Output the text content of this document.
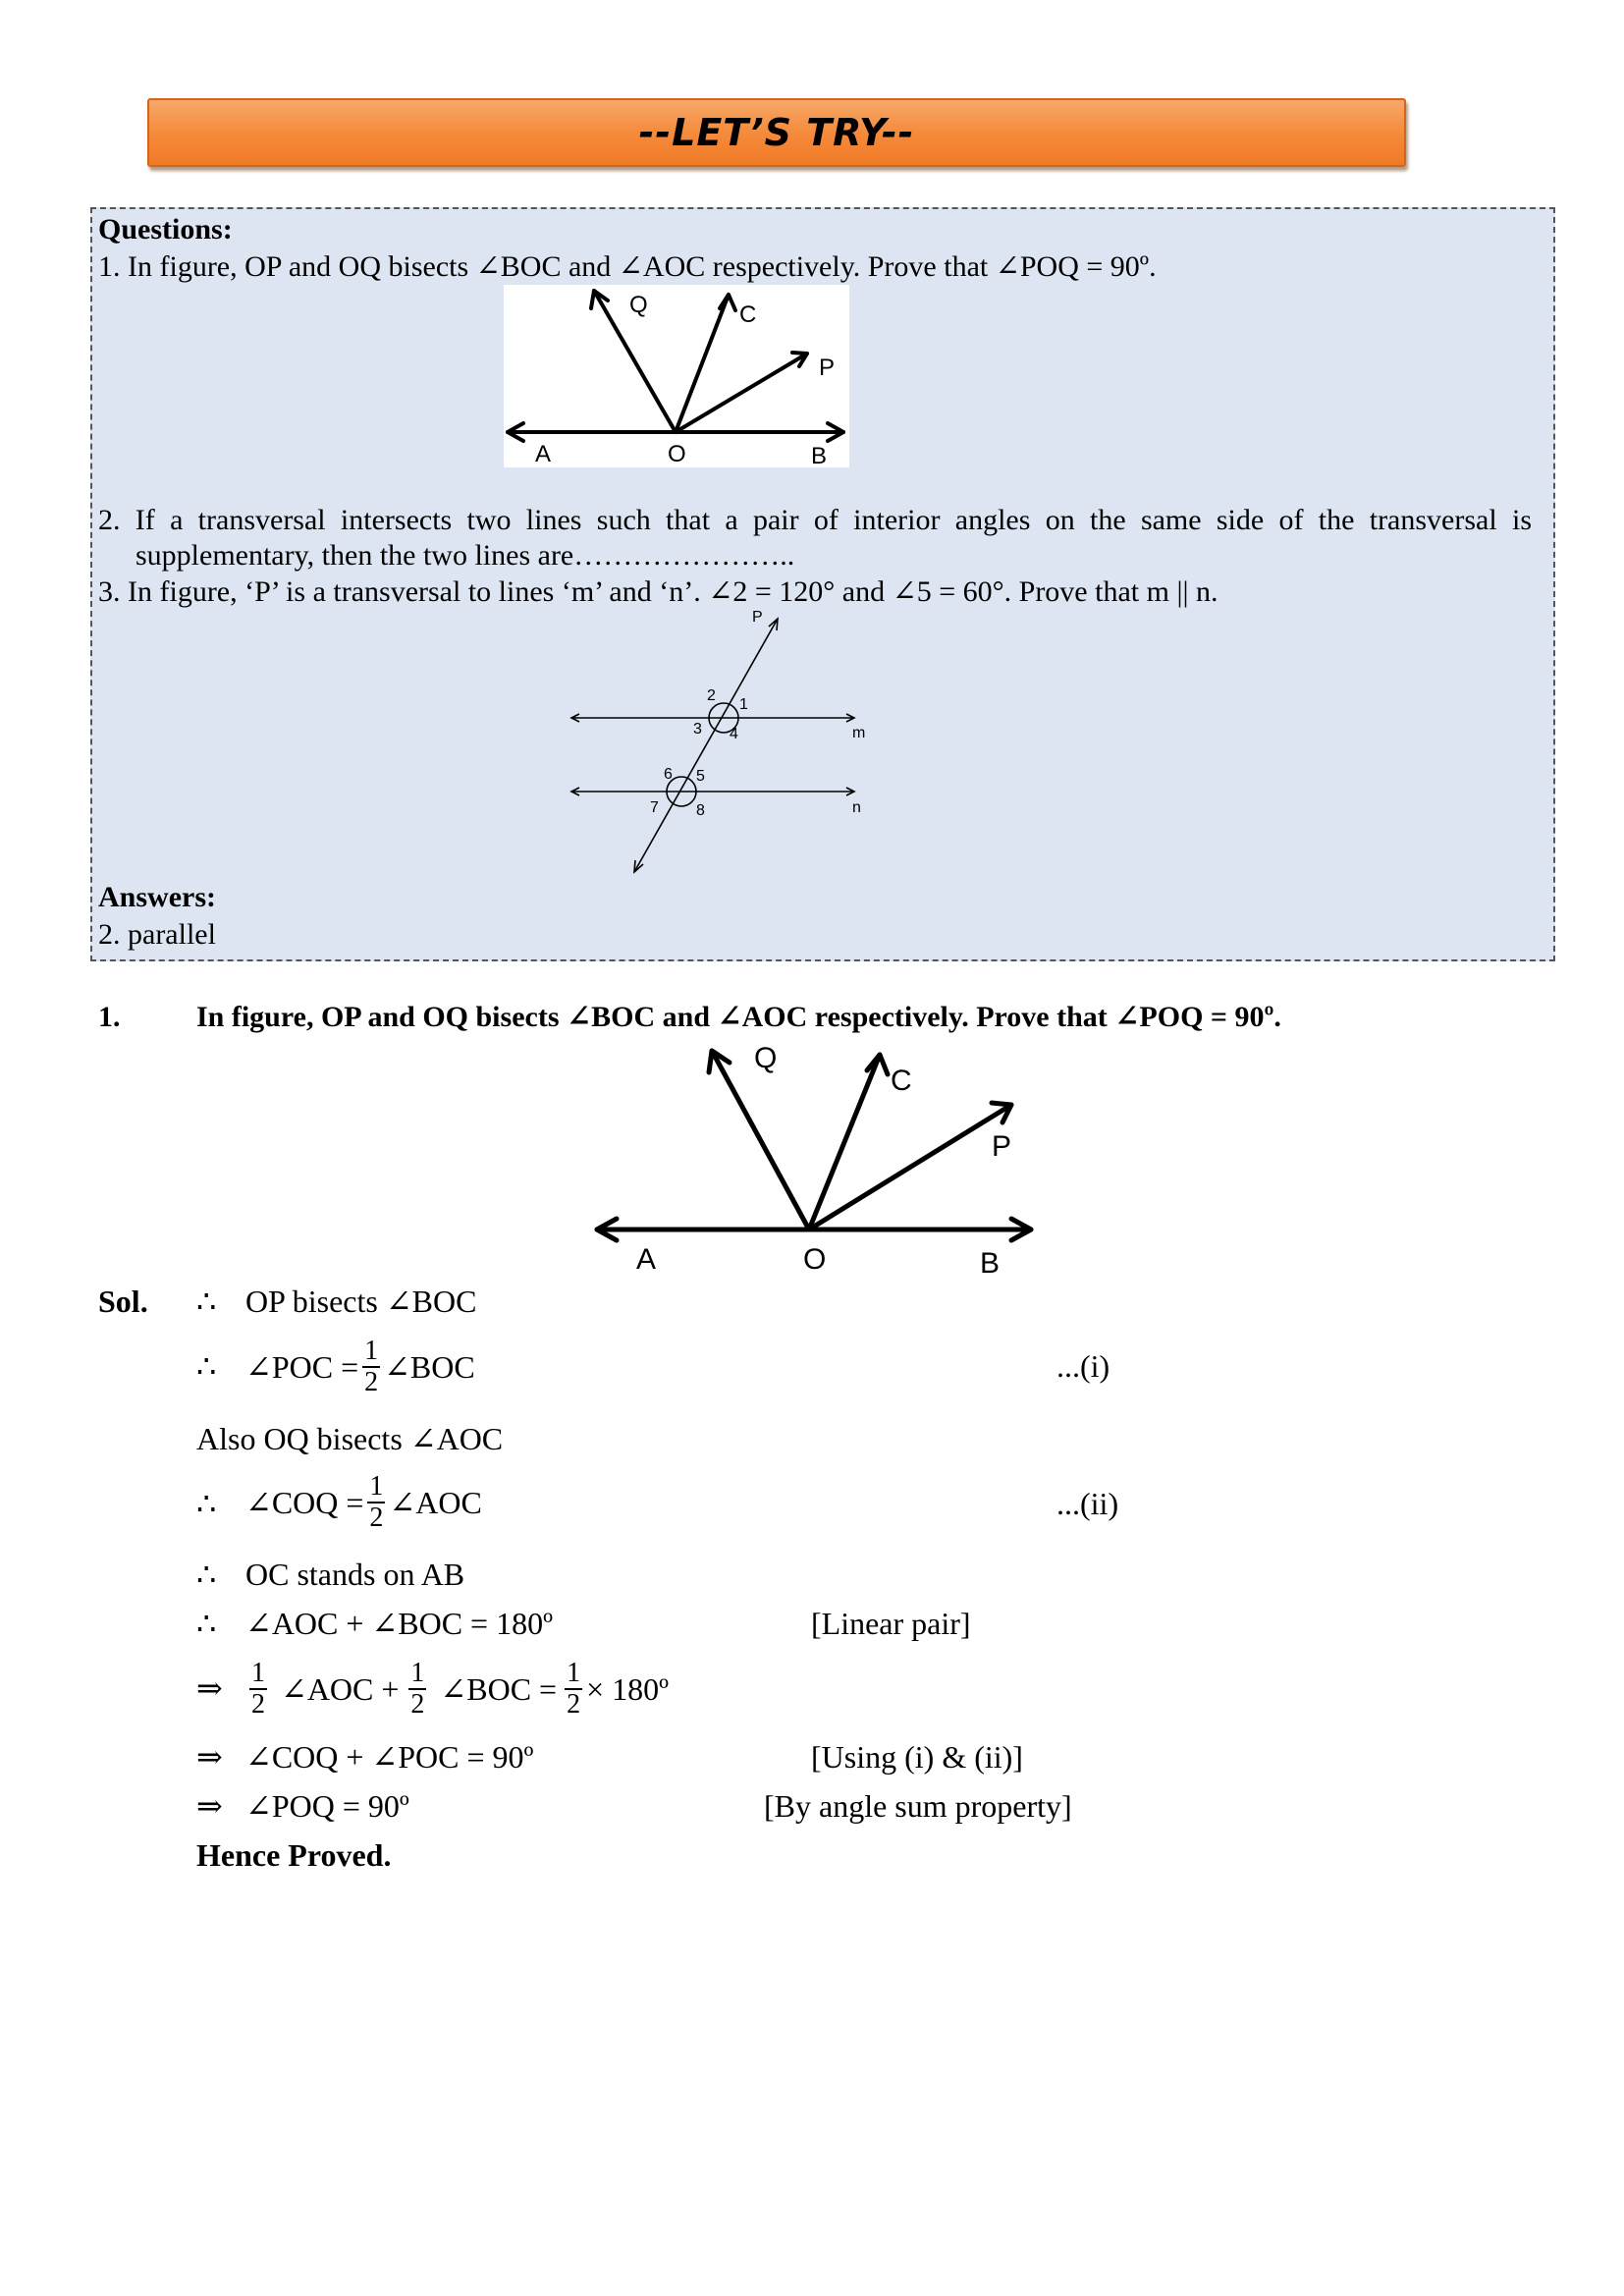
--LET’S TRY--
Questions:
1. In figure, OP and OQ bisects ∠BOC and ∠AOC respectively. Prove that ∠POQ = 90º.
Q	C
P
A	O	B
2. If a transversal intersects two lines such that a pair of interior angles on the same side of the transversal is
supplementary, then the two lines are…………………..
3. In figure, ‘P’ is a transversal to lines ‘m’ and ‘n’. ∠2 = 120° and ∠5 = 60°. Prove that m || n.
P
m
n
1
2
3 4
5
6
7 8
Answers:
2. parallel
1.	In figure, OP and OQ bisects ∠BOC and ∠AOC respectively. Prove that ∠POQ = 90º.
Q
C
P
A	O	B
Sol. ∴ OP bisects ∠BOC
∴ ∠POC = $\frac{1}{2}$ ∠BOC	...(i)
Also OQ bisects ∠AOC
∴ ∠COQ = $\frac{1}{2}$ ∠AOC	...(ii)
∴ OC stands on AB
∴ ∠AOC + ∠BOC = 180º	[Linear pair]
⇒ $\frac{1}{2}$ ∠AOC + $\frac{1}{2}$ ∠BOC = $\frac{1}{2}$ × 180º
⇒ ∠COQ + ∠POC = 90º	[Using (i) & (ii)]
⇒ ∠POQ = 90º	[By angle sum property]
Hence Proved.
